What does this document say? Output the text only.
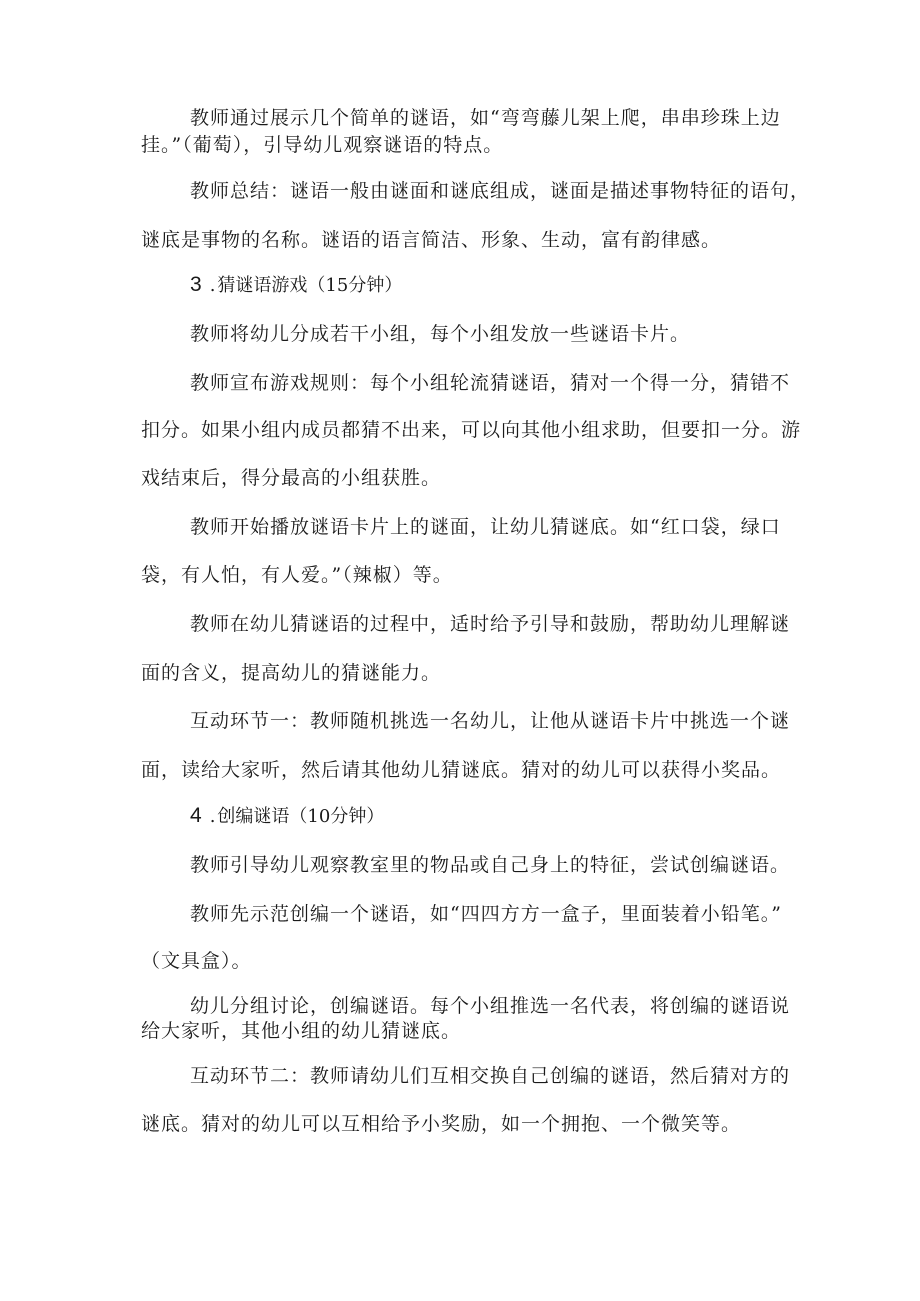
教师通过展示几个简单的谜语，如“弯弯藤儿架上爬，串串珍珠上边

挂。”（葡萄），引导幼儿观察谜语的特点。

教师总结：谜语一般由谜面和谜底组成，谜面是描述事物特征的语句，

谜底是事物的名称。谜语的语言简洁、形象、生动，富有韵律感。

3 . 猜谜语游戏（15分钟）

教师将幼儿分成若干小组，每个小组发放一些谜语卡片。

教师宣布游戏规则：每个小组轮流猜谜语，猜对一个得一分，猜错不

扣分。如果小组内成员都猜不出来，可以向其他小组求助，但要扣一分。游

戏结束后，得分最高的小组获胜。

教师开始播放谜语卡片上的谜面，让幼儿猜谜底。如“红口袋，绿口

袋，有人怕，有人爱。”（辣椒）等。

教师在幼儿猜谜语的过程中，适时给予引导和鼓励，帮助幼儿理解谜

面的含义，提高幼儿的猜谜能力。

互动环节一：教师随机挑选一名幼儿，让他从谜语卡片中挑选一个谜

面，读给大家听，然后请其他幼儿猜谜底。猜对的幼儿可以获得小奖品。

4 . 创编谜语（10分钟）

教师引导幼儿观察教室里的物品或自己身上的特征，尝试创编谜语。

教师先示范创编一个谜语，如“四四方方一盒子，里面装着小铅笔。”

（文具盒）。

幼儿分组讨论，创编谜语。每个小组推选一名代表，将创编的谜语说

给大家听，其他小组的幼儿猜谜底。

互动环节二：教师请幼儿们互相交换自己创编的谜语，然后猜对方的

谜底。猜对的幼儿可以互相给予小奖励，如一个拥抱、一个微笑等。
